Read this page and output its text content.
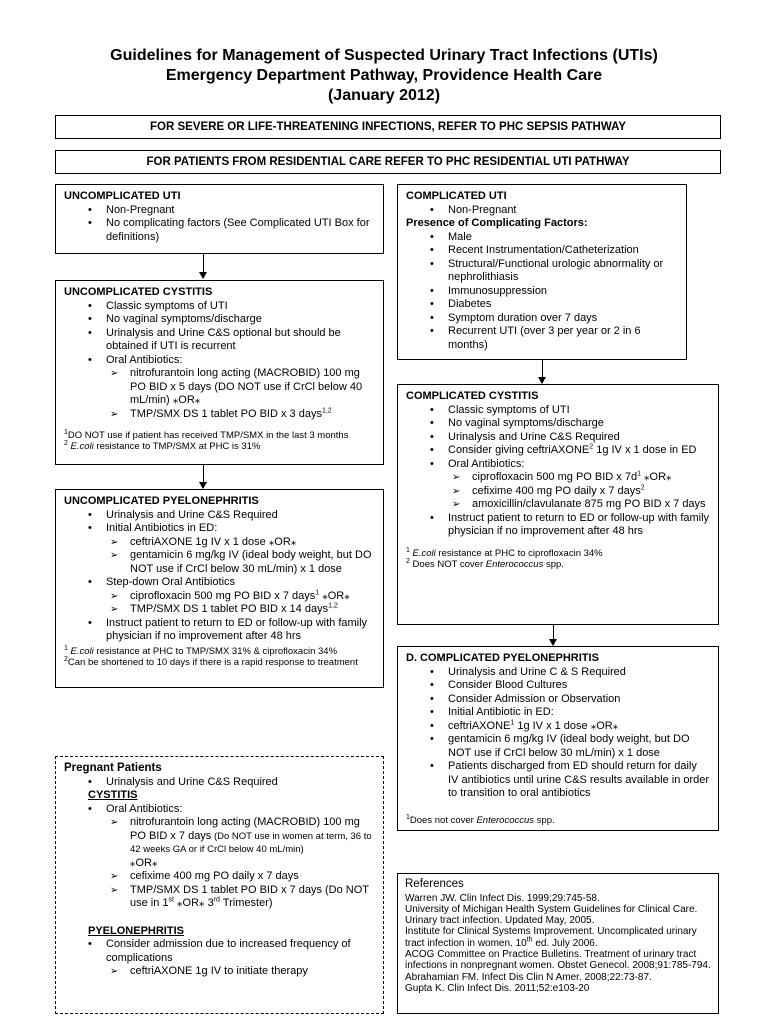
Guidelines for Management of Suspected Urinary Tract Infections (UTIs)
Emergency Department Pathway, Providence Health Care
(January 2012)
FOR SEVERE OR LIFE-THREATENING INFECTIONS, REFER TO PHC SEPSIS PATHWAY
FOR PATIENTS FROM RESIDENTIAL CARE REFER TO PHC RESIDENTIAL UTI PATHWAY
UNCOMPLICATED UTI
• Non-Pregnant
• No complicating factors (See Complicated UTI Box for definitions)
UNCOMPLICATED CYSTITIS
• Classic symptoms of UTI
• No vaginal symptoms/discharge
• Urinalysis and Urine C&S optional but should be obtained if UTI is recurrent
• Oral Antibiotics:
➢ nitrofurantoin long acting (MACROBID) 100 mg PO BID x 5 days (DO NOT use if CrCl below 40 mL/min) ⁎OR⁎
➢ TMP/SMX DS 1 tablet PO BID x 3 days$^{1,2}$
$^1$DO NOT use if patient has received TMP/SMX in the last 3 months
$^2$ E.coli resistance to TMP/SMX at PHC is 31%
UNCOMPLICATED PYELONEPHRITIS
• Urinalysis and Urine C&S Required
• Initial Antibiotics in ED:
➢ ceftriAXONE 1g IV x 1 dose ⁎OR⁎
➢ gentamicin 6 mg/kg IV (ideal body weight, but DO NOT use if CrCl below 30 mL/min) x 1 dose
• Step-down Oral Antibiotics
➢ ciprofloxacin 500 mg PO BID x 7 days$^1$ ⁎OR⁎
➢ TMP/SMX DS 1 tablet PO BID x 14 days$^{1,2}$
• Instruct patient to return to ED or follow-up with family physician if no improvement after 48 hrs
$^1$ E.coli resistance at PHC to TMP/SMX 31% & ciprofloxacin 34%
$^2$Can be shortened to 10 days if there is a rapid response to treatment
COMPLICATED UTI
• Non-Pregnant
Presence of Complicating Factors:
• Male
• Recent Instrumentation/Catheterization
• Structural/Functional urologic abnormality or nephrolithiasis
• Immunosuppression
• Diabetes
• Symptom duration over 7 days
• Recurrent UTI (over 3 per year or 2 in 6 months)
COMPLICATED CYSTITIS
• Classic symptoms of UTI
• No vaginal symptoms/discharge
• Urinalysis and Urine C&S Required
• Consider giving ceftriAXONE$^2$ 1g IV x 1 dose in ED
• Oral Antibiotics:
➢ ciprofloxacin 500 mg PO BID x $7d^1$ ⁎OR⁎
➢ cefixime 400 mg PO daily x 7 days$^2$
➢ amoxicillin/clavulanate 875 mg PO BID x 7 days
• Instruct patient to return to ED or follow-up with family physician if no improvement after 48 hrs
$^1$ E.coli resistance at PHC to ciprofloxacin 34%
$^2$ Does NOT cover Enterococcus spp.
D. COMPLICATED PYELONEPHRITIS
• Urinalysis and Urine C & S Required
• Consider Blood Cultures
• Consider Admission or Observation
• Initial Antibiotic in ED:
• ceftriAXONE$^1$ 1g IV x 1 dose ⁎OR⁎
• gentamicin 6 mg/kg IV (ideal body weight, but DO NOT use if CrCl below 30 mL/min) x 1 dose
• Patients discharged from ED should return for daily IV antibiotics until urine C&S results available in order to transition to oral antibiotics
$^1$Does not cover Enterococcus spp.
Pregnant Patients
• Urinalysis and Urine C&S Required
CYSTITIS
• Oral Antibiotics:
➢ nitrofurantoin long acting (MACROBID) 100 mg PO BID x 7 days (Do NOT use in women at term, 36 to 42 weeks GA or if CrCl below 40 mL/min)
⁎OR⁎
➢ cefixime 400 mg PO daily x 7 days
➢ TMP/SMX DS 1 tablet PO BID x 7 days (Do NOT use in 1st ⁎OR⁎ 3rd Trimester)
PYELONEPHRITIS
• Consider admission due to increased frequency of complications
➢ ceftriAXONE 1g IV to initiate therapy
References
Warren JW. Clin Infect Dis. 1999;29:745-58.
University of Michigan Health System Guidelines for Clinical Care. Urinary tract infection. Updated May, 2005.
Institute for Clinical Systems Improvement. Uncomplicated urinary tract infection in women. 10th ed. July 2006.
ACOG Committee on Practice Bulletins. Treatment of urinary tract infections in nonpregnant women. Obstet Genecol. 2008;91:785-794.
Abrahamian FM. Infect Dis Clin N Amer. 2008;22:73-87.
Gupta K. Clin Infect Dis. 2011;52:e103-20
